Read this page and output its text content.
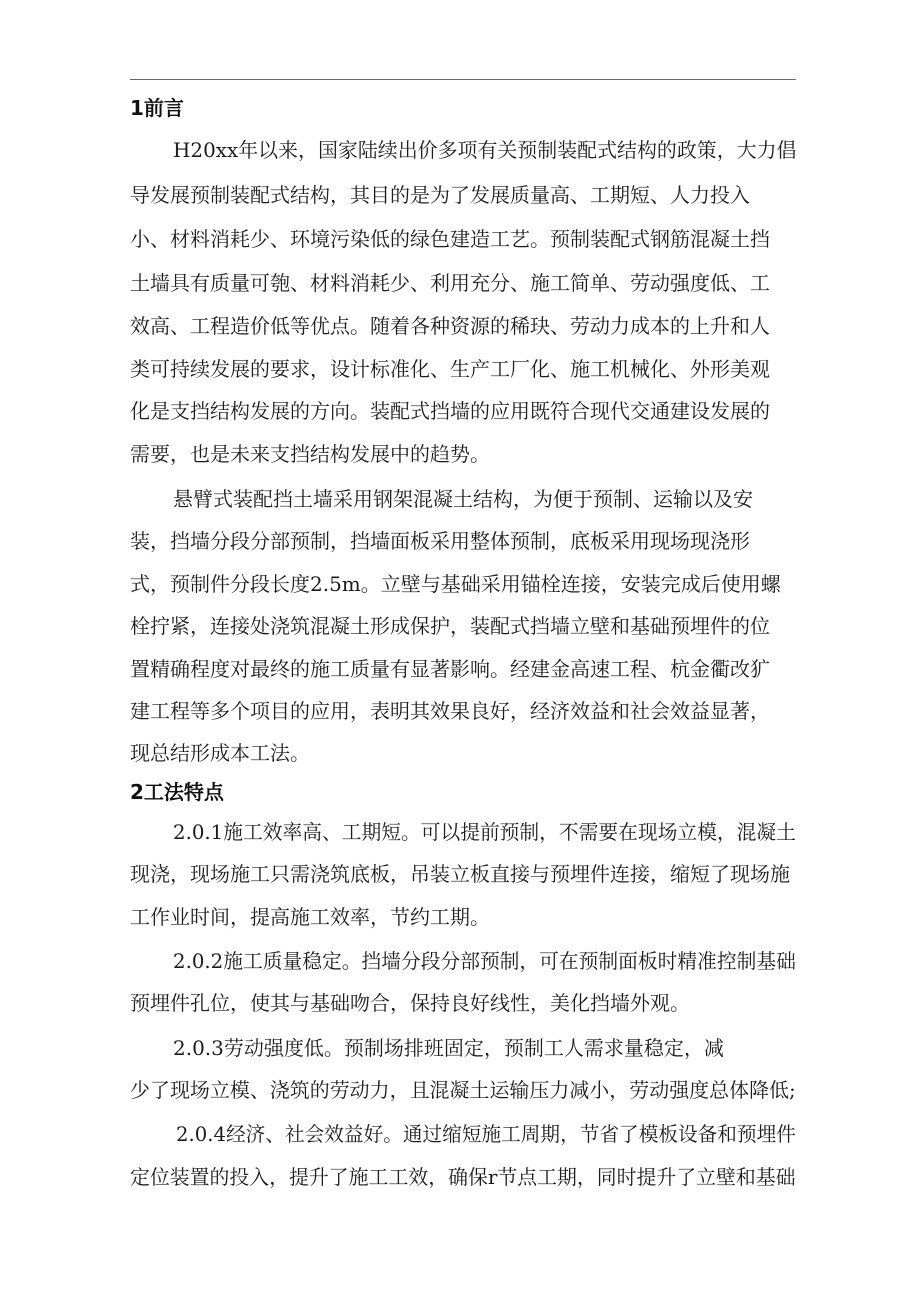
1前言

H20xx年以来，国家陆续出价多项有关预制装配式结构的政策，大力倡

导发展预制装配式结构，其目的是为了发展质量高、工期短、人力投入

小、材料消耗少、环境污染低的绿色建造工艺。预制装配式钢筋混凝土挡

土墙具有质量可匏、材料消耗少、利用充分、施工简单、劳动强度低、工

效高、工程造价低等优点。随着各种资源的稀玦、劳动力成本的上升和人

类可持续发展的要求，设计标准化、生产工厂化、施工机械化、外形美观

化是支挡结构发展的方向。装配式挡墙的应用既符合现代交通建设发展的

需要，也是未来支挡结构发展中的趋势。

悬臂式装配挡土墙采用钢架混凝土结构，为便于预制、运输以及安

装，挡墙分段分部预制，挡墙面板采用整体预制，底板采用现场现浇形

式，预制件分段长度2.5m。立壁与基础采用锚栓连接，安装完成后使用螺

栓拧紧，连接处浇筑混凝土形成保护，装配式挡墙立壁和基础预埋件的位

置精确程度对最终的施工质量有显著影响。经建金高速工程、杭金衢改犷

建工程等多个项目的应用，表明其效果良好，经济效益和社会效益显著，

现总结形成本工法。

2工法特点

2.0.1施工效率高、工期短。可以提前预制，不需要在现场立模，混凝土

现浇，现场施工只需浇筑底板，吊装立板直接与预埋件连接，缩短了现场施

工作业时间，提高施工效率，节约工期。

2.0.2施工质量稳定。挡墙分段分部预制，可在预制面板时精准控制基础

预埋件孔位，使其与基础吻合，保持良好线性，美化挡墙外观。

2.0.3劳动强度低。预制场排班固定，预制工人需求量稳定，减

少了现场立模、浇筑的劳动力，且混凝土运输压力减小，劳动强度总体降低;

2.0.4经济、社会效益好。通过缩短施工周期，节省了模板设备和预埋件

定位装置的投入，提升了施工工效，确保r节点工期，同时提升了立壁和基础
